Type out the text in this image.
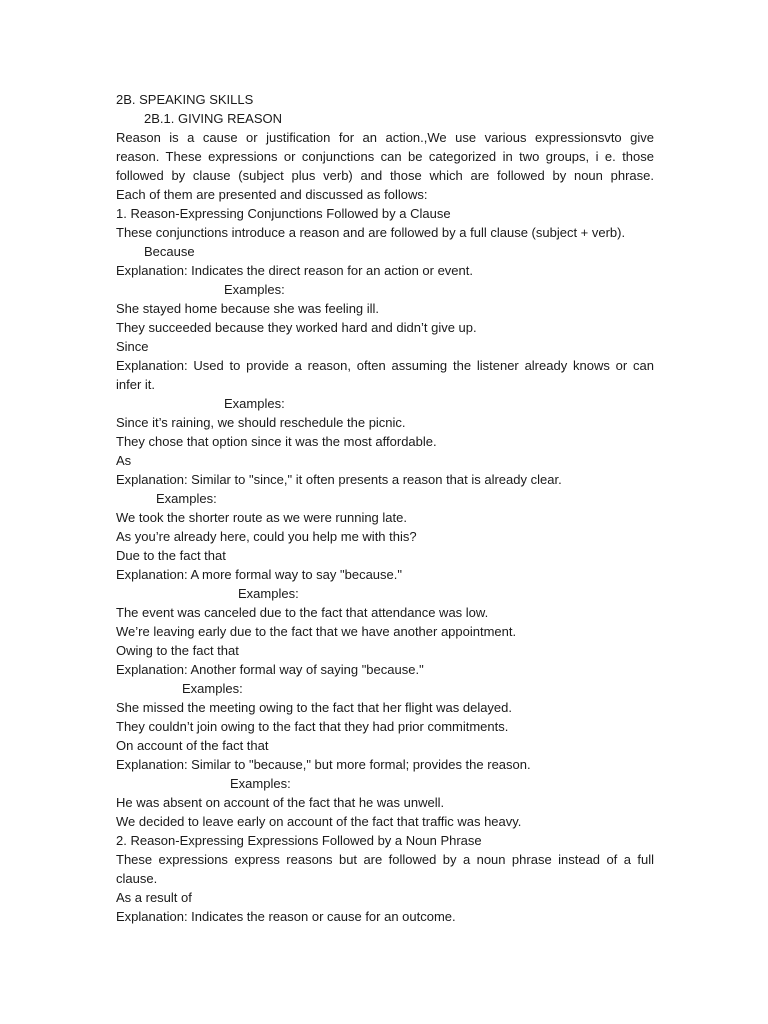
2B. SPEAKING SKILLS
2B.1. GIVING REASON
Reason is a cause or justification for an action.,We use various expressionsvto give
reason. These expressions or conjunctions can be categorized in two groups, i e. those
followed by clause (subject plus verb) and those which are followed by noun phrase.
Each of them are presented and discussed as follows:
1. Reason-Expressing Conjunctions Followed by a Clause
These conjunctions introduce a reason and are followed by a full clause (subject + verb).
Because
Explanation: Indicates the direct reason for an action or event.
Examples:
She stayed home because she was feeling ill.
They succeeded because they worked hard and didn’t give up.
Since
Explanation: Used to provide a reason, often assuming the listener already knows or can
infer it.
Examples:
Since it’s raining, we should reschedule the picnic.
They chose that option since it was the most affordable.
As
Explanation: Similar to "since," it often presents a reason that is already clear.
Examples:
We took the shorter route as we were running late.
As you’re already here, could you help me with this?
Due to the fact that
Explanation: A more formal way to say "because."
Examples:
The event was canceled due to the fact that attendance was low.
We’re leaving early due to the fact that we have another appointment.
Owing to the fact that
Explanation: Another formal way of saying "because."
Examples:
She missed the meeting owing to the fact that her flight was delayed.
They couldn’t join owing to the fact that they had prior commitments.
On account of the fact that
Explanation: Similar to "because," but more formal; provides the reason.
Examples:
He was absent on account of the fact that he was unwell.
We decided to leave early on account of the fact that traffic was heavy.
2. Reason-Expressing Expressions Followed by a Noun Phrase
These expressions express reasons but are followed by a noun phrase instead of a full
clause.
As a result of
Explanation: Indicates the reason or cause for an outcome.
